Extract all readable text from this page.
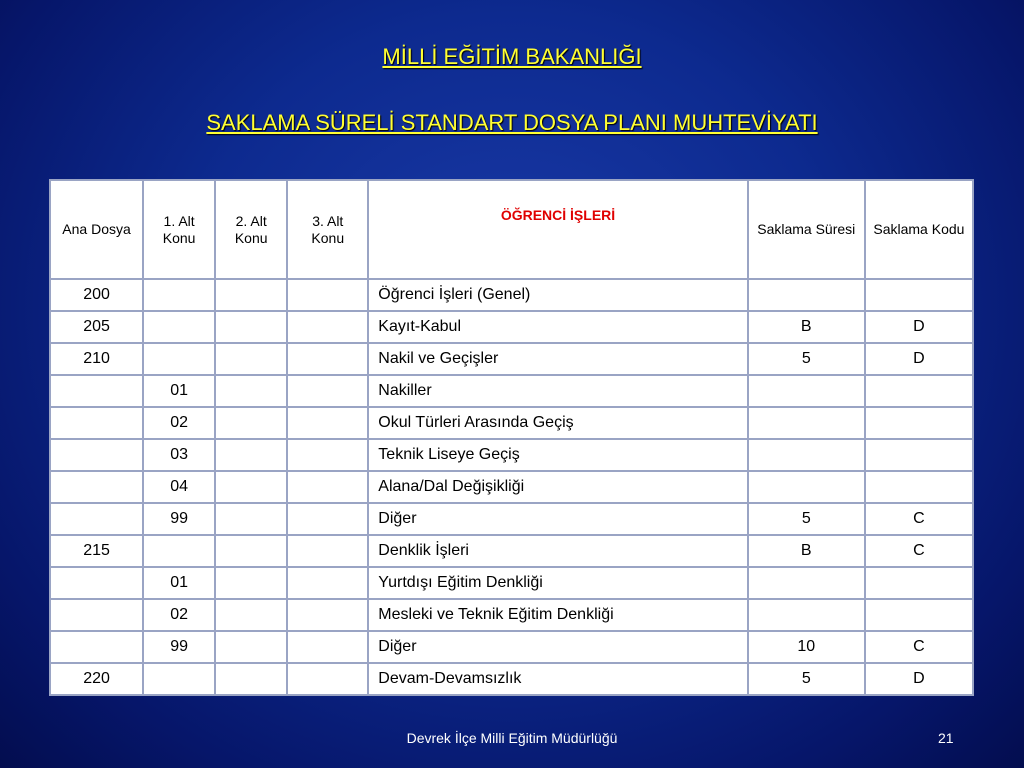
MİLLİ EĞİTİM BAKANLIĞI
SAKLAMA SÜRELİ STANDART DOSYA PLANI MUHTEVİYATI
Ana Dosya	1. Alt Konu	2. Alt Konu	3. Alt Konu	ÖĞRENCİ İŞLERİ	Saklama Süresi	Saklama Kodu
200				Öğrenci İşleri (Genel)		
205				Kayıt-Kabul	B	D
210				Nakil ve Geçişler	5	D
	01			Nakiller		
	02			Okul Türleri Arasında Geçiş		
	03			Teknik Liseye Geçiş		
	04			Alana/Dal Değişikliği		
	99			Diğer	5	C
215				Denklik İşleri	B	C
	01			Yurtdışı Eğitim Denkliği		
	02			Mesleki ve Teknik Eğitim Denkliği		
	99			Diğer	10	C
220				Devam-Devamsızlık	5	D
Devrek İlçe Milli Eğitim Müdürlüğü	21
